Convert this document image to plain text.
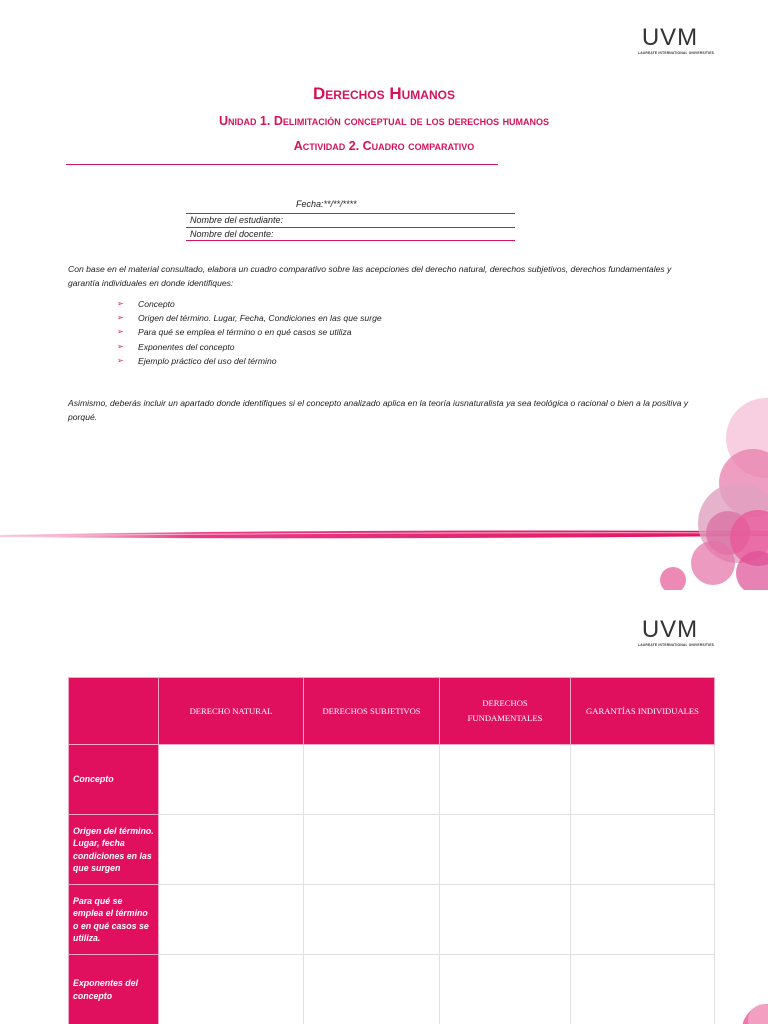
UVM
LAUREATE INTERNATIONAL UNIVERSITIES
Derechos Humanos
Unidad 1. Delimitación conceptual de los derechos humanos
Actividad 2. Cuadro comparativo
Fecha:**/**/****
Nombre del estudiante:
Nombre del docente:
Con base en el material consultado, elabora un cuadro comparativo sobre las acepciones del derecho natural, derechos subjetivos, derechos fundamentales y garantía individuales en donde identifiques:
➢ Concepto
➢ Origen del término. Lugar, Fecha, Condiciones en las que surge
➢ Para qué se emplea el término o en qué casos se utiliza
➢ Exponentes del concepto
➢ Ejemplo práctico del uso del término
Asimismo, deberás incluir un apartado donde identifiques si el concepto analizado aplica en la teoría iusnaturalista ya sea teológica o racional o bien a la positiva y porqué.
UVM
LAUREATE INTERNATIONAL UNIVERSITIES
	DERECHO NATURAL	DERECHOS SUBJETIVOS	DERECHOS FUNDAMENTALES	GARANTÍAS INDIVIDUALES
Concepto				
Origen del término. Lugar, fecha condiciones en las que surgen				
Para qué se emplea el término o en qué casos se utiliza.				
Exponentes del concepto				
